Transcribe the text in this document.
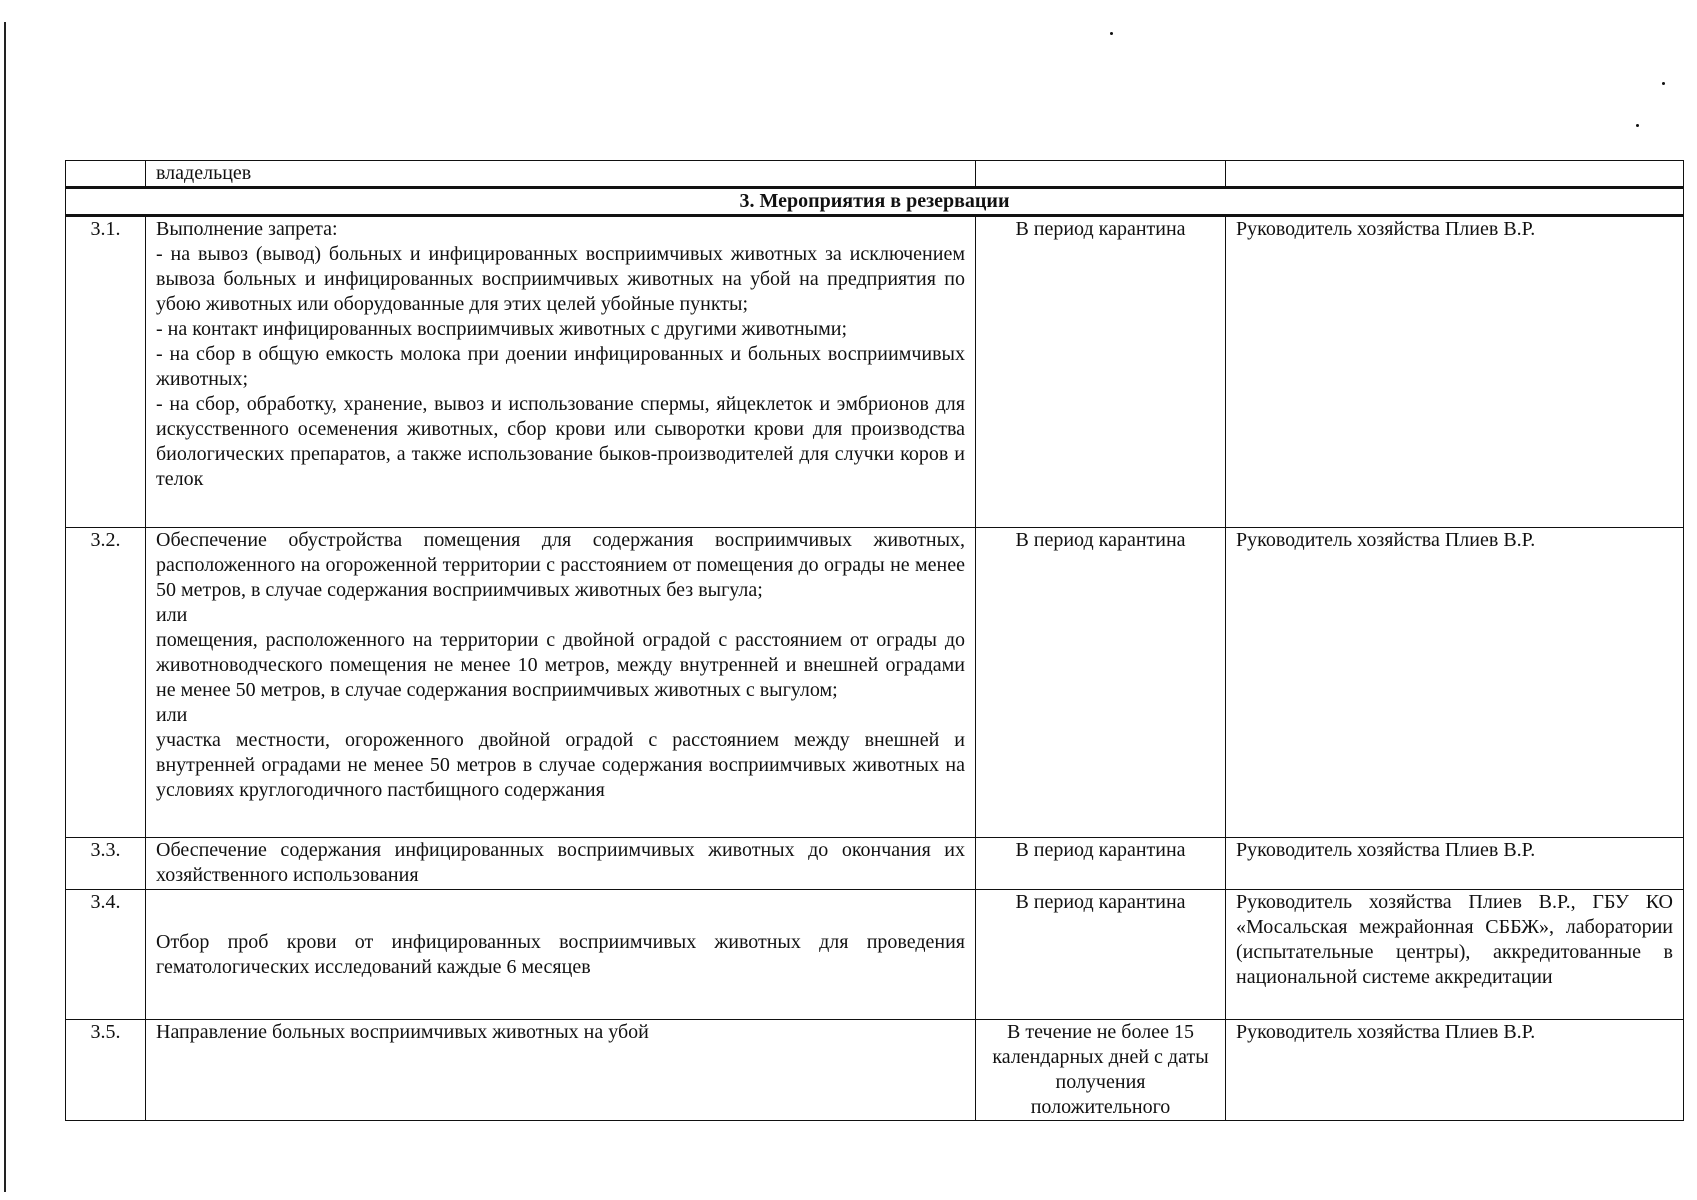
	владельцев		
3. Мероприятия в резервации			
3.1.	Выполнение запрета:
- на вывоз (вывод) больных и инфицированных восприимчивых животных за исключением вывоза больных и инфицированных восприимчивых животных на убой на предприятия по убою животных или оборудованные для этих целей убойные пункты;
- на контакт инфицированных восприимчивых животных с другими животными;
- на сбор в общую емкость молока при доении инфицированных и больных восприимчивых животных;
- на сбор, обработку, хранение, вывоз и использование спермы, яйцеклеток и эмбрионов для искусственного осеменения животных, сбор крови или сыворотки крови для производства биологических препаратов, а также использование быков-производителей для случки коров и телок	В период карантина	Руководитель хозяйства Плиев В.Р.
3.2.	Обеспечение обустройства помещения для содержания восприимчивых животных, расположенного на огороженной территории с расстоянием от помещения до ограды не менее 50 метров, в случае содержания восприимчивых животных без выгула;
или
помещения, расположенного на территории с двойной оградой с расстоянием от ограды до животноводческого помещения не менее 10 метров, между внутренней и внешней оградами не менее 50 метров, в случае содержания восприимчивых животных с выгулом;
или
участка местности, огороженного двойной оградой с расстоянием между внешней и внутренней оградами не менее 50 метров в случае содержания восприимчивых животных на условиях круглогодичного пастбищного содержания	В период карантина	Руководитель хозяйства Плиев В.Р.
3.3.	Обеспечение содержания инфицированных восприимчивых животных до окончания их хозяйственного использования	В период карантина	Руководитель хозяйства Плиев В.Р.
3.4.	Отбор проб крови от инфицированных восприимчивых животных для проведения гематологических исследований каждые 6 месяцев	В период карантина	Руководитель хозяйства Плиев В.Р., ГБУ КО «Мосальская межрайонная СББЖ», лаборатории (испытательные центры), аккредитованные в национальной системе аккредитации
3.5.	Направление больных восприимчивых животных на убой	В течение не более 15 календарных дней с даты получения положительного	Руководитель хозяйства Плиев В.Р.
